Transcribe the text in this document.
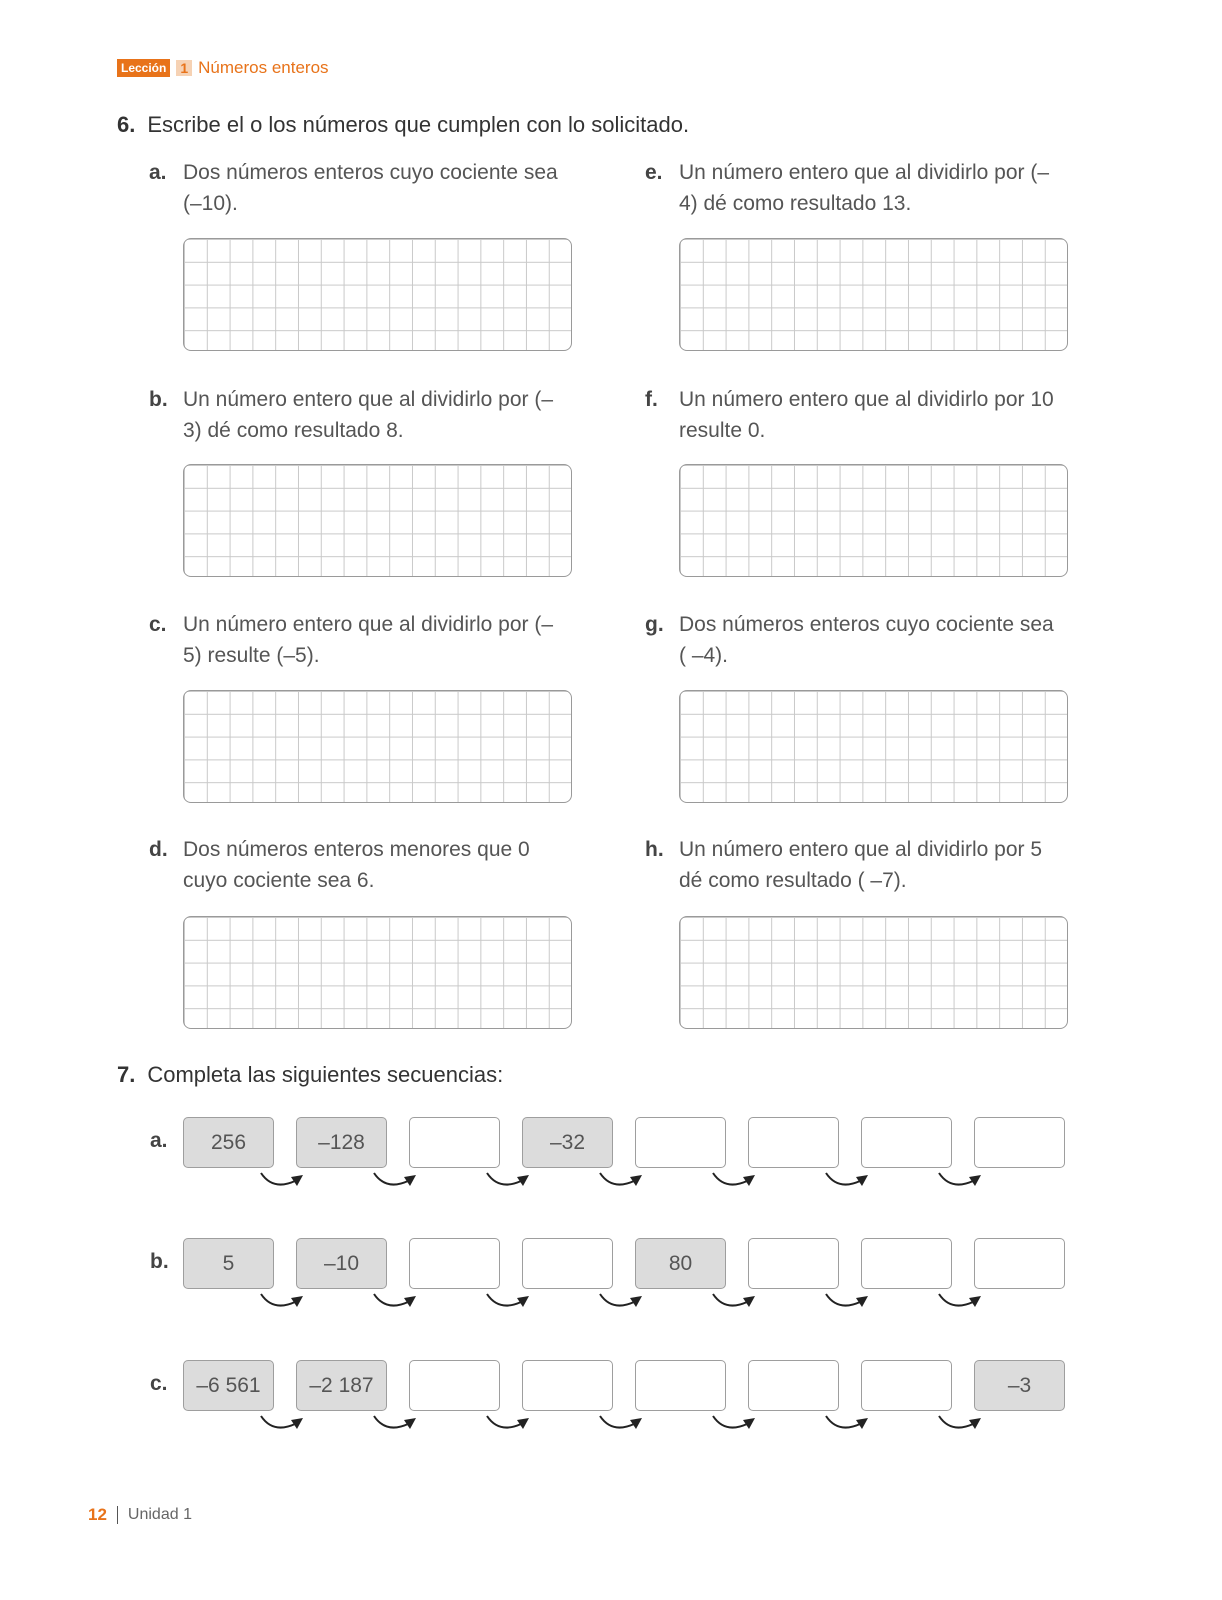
Lección 1 Números enteros
6. Escribe el o los números que cumplen con lo solicitado.
a. Dos números enteros cuyo cociente sea (–10).
b. Un número entero que al dividirlo por (–3) dé como resultado 8.
c. Un número entero que al dividirlo por (–5) resulte (–5).
d. Dos números enteros menores que 0 cuyo cociente sea 6.
e. Un número entero que al dividirlo por (–4) dé como resultado 13.
f. Un número entero que al dividirlo por 10 resulte 0.
g. Dos números enteros cuyo cociente sea ( –4).
h. Un número entero que al dividirlo por 5 dé como resultado ( –7).
7. Completa las siguientes secuencias:
a.	256	–128	–32
b.	5	–10	80
c.	–6 561	–2 187	–3
12 Unidad 1
